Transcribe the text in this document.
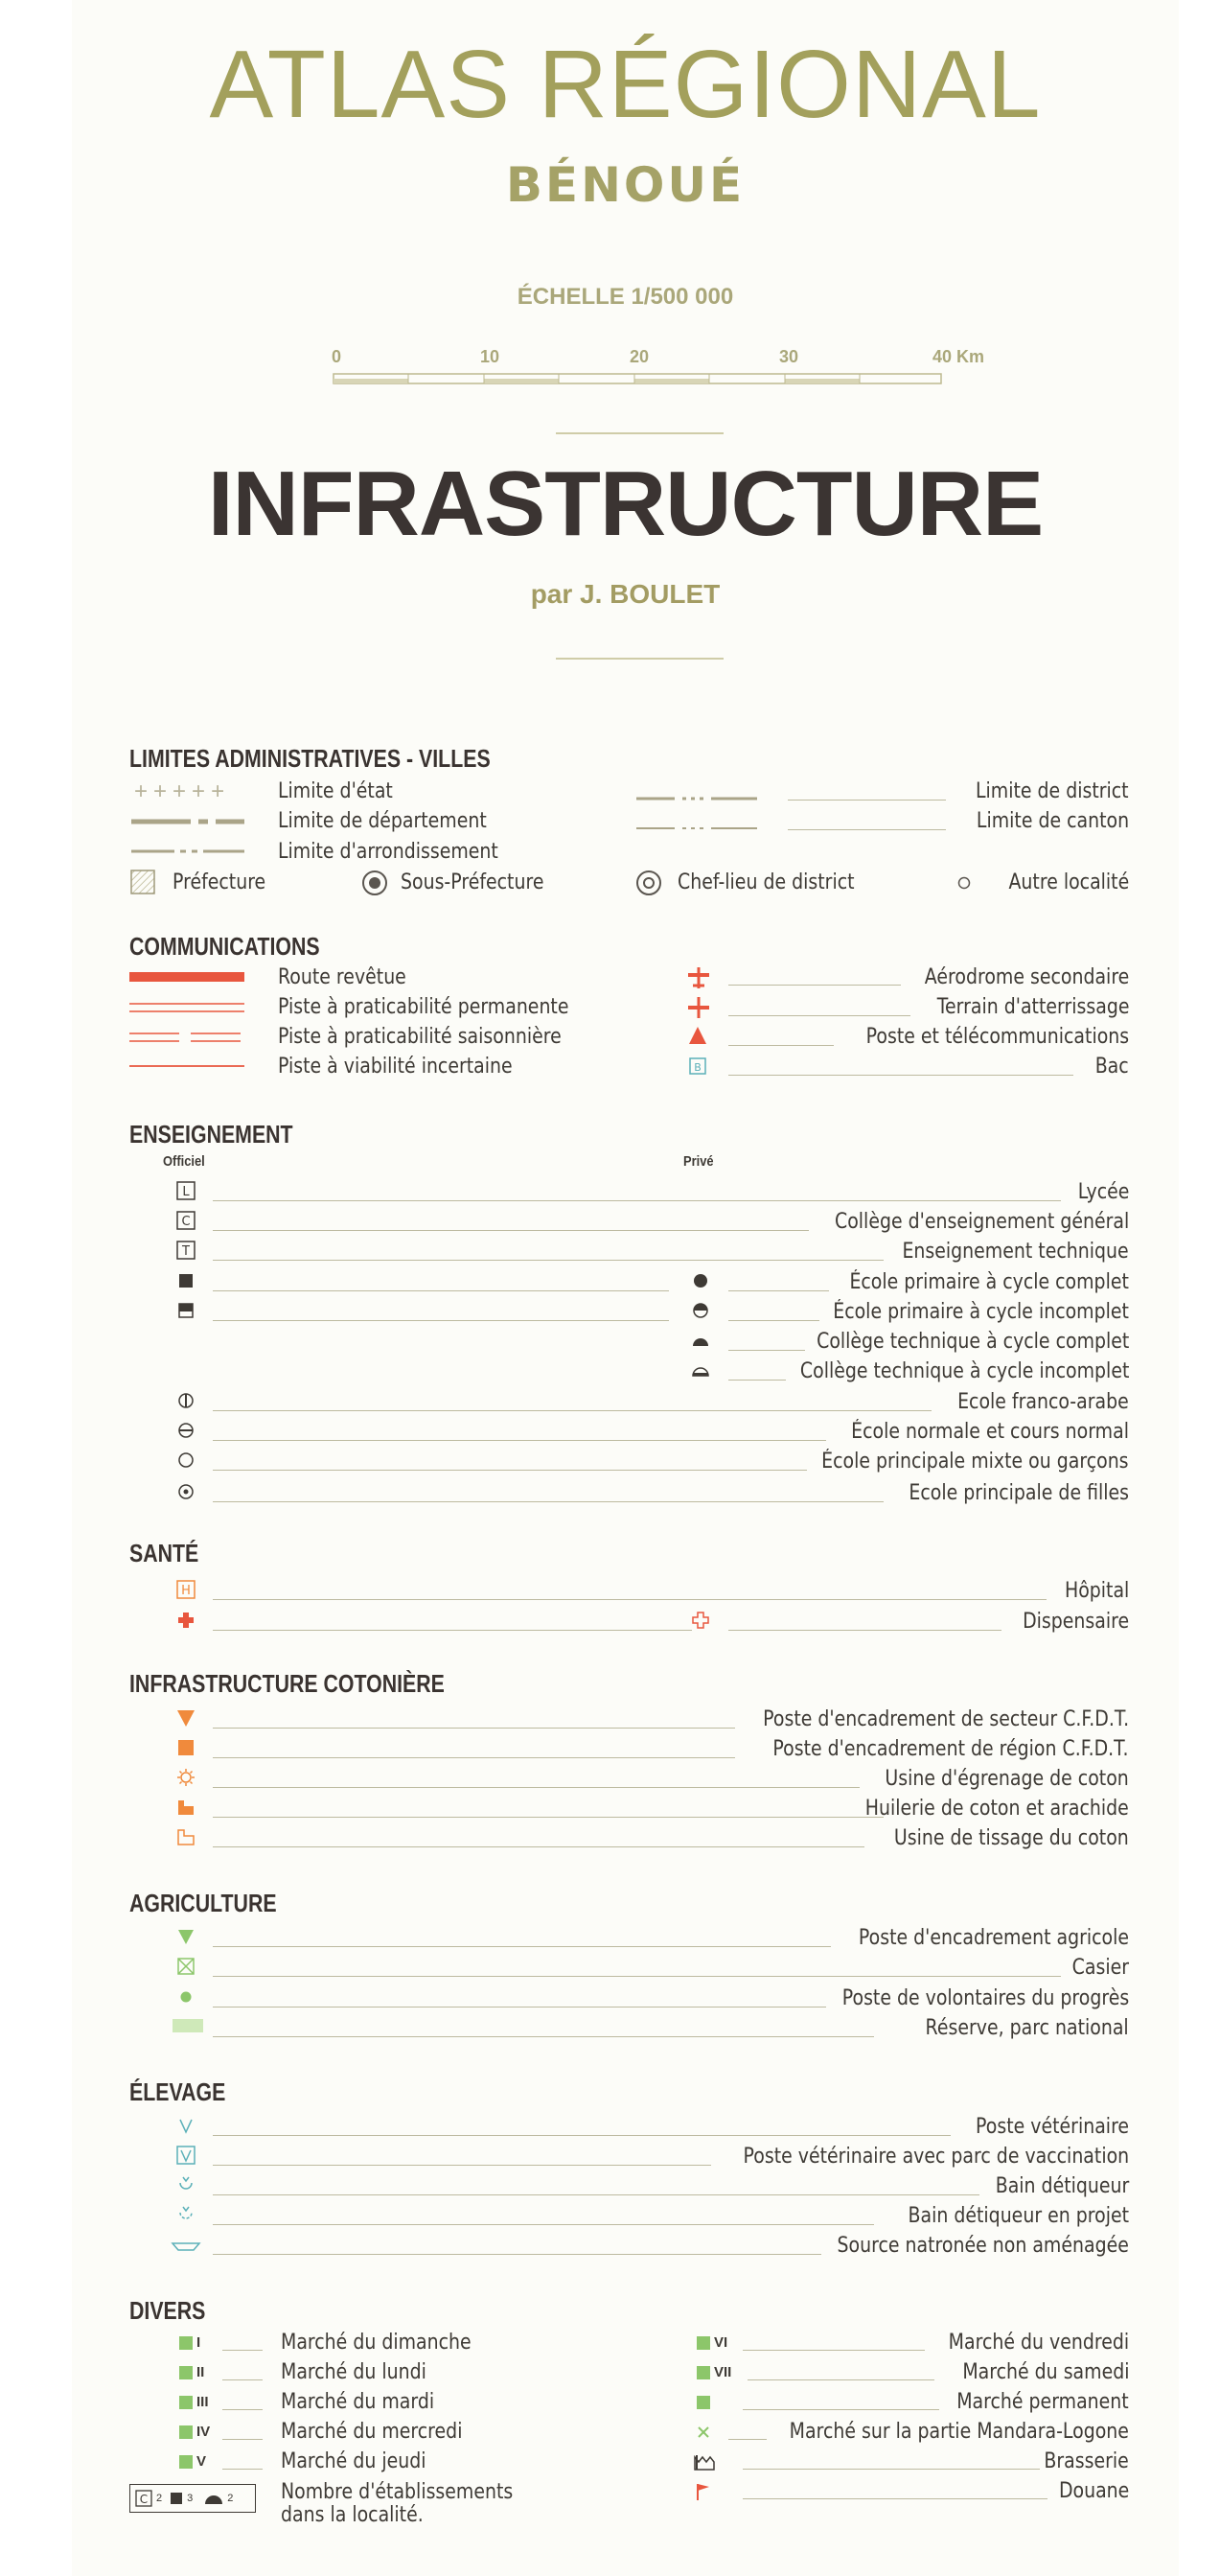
ATLAS RÉGIONAL
BÉNOUÉ
ÉCHELLE 1/500 000
0	10	20	30	40 Km
INFRASTRUCTURE
par J. BOULET
LIMITES ADMINISTRATIVES - VILLES
+++++ Limite d'état
Limite de département
Limite d'arrondissement
Limite de district
Limite de canton
Préfecture	Sous-Préfecture	Chef-lieu de district	Autre localité
COMMUNICATIONS
Route revêtue
Piste à praticabilité permanente
Piste à praticabilité saisonnière
Piste à viabilité incertaine
Aérodrome secondaire
Terrain d'atterrissage
Poste et télécommunications
B	Bac
ENSEIGNEMENT
Officiel	Privé
L	Lycée
C	Collège d'enseignement général
T	Enseignement technique
École primaire à cycle complet
École primaire à cycle incomplet
Collège technique à cycle complet
Collège technique à cycle incomplet
Ecole franco-arabe
École normale et cours normal
École principale mixte ou garçons
Ecole principale de filles
SANTÉ
H	Hôpital
Dispensaire
INFRASTRUCTURE COTONIÈRE
Poste d'encadrement de secteur C.F.D.T.
Poste d'encadrement de région C.F.D.T.
Usine d'égrenage de coton
Huilerie de coton et arachide
Usine de tissage du coton
AGRICULTURE
Poste d'encadrement agricole
Casier
Poste de volontaires du progrès
Réserve, parc national
ÉLEVAGE
Poste vétérinaire
Poste vétérinaire avec parc de vaccination
Bain détiqueur
Bain détiqueur en projet
Source natronée non aménagée
DIVERS
I	Marché du dimanche
II	Marché du lundi
III	Marché du mardi
IV	Marché du mercredi
V	Marché du jeudi
C 2 3	2 Nombre d'établissements
dans la localité.
VI	Marché du vendredi
VII	Marché du samedi
Marché permanent
Marché sur la partie Mandara-Logone
Brasserie
Douane
